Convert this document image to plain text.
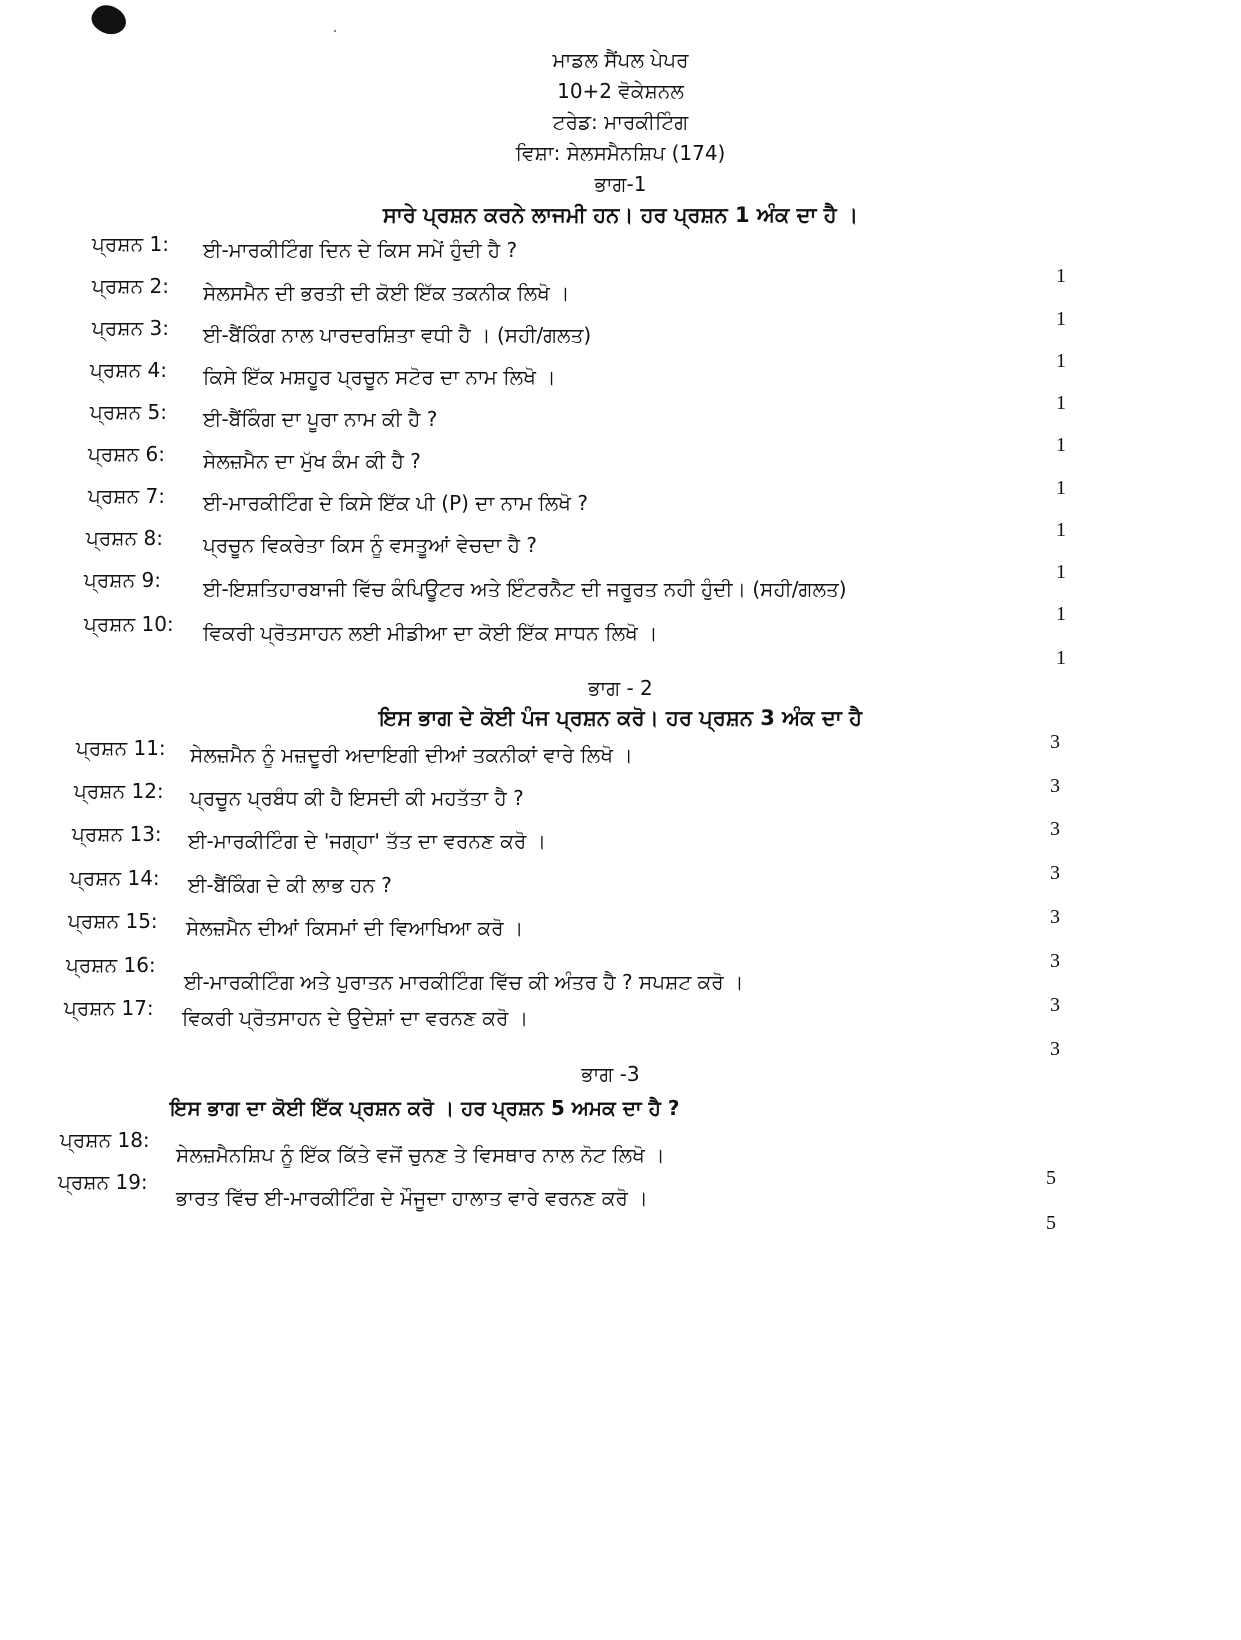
ਮਾਡਲ ਸੈਂਪਲ ਪੇਪਰ
10+2 ਵੋਕੇਸ਼ਨਲ
ਟਰੇਡ: ਮਾਰਕੀਟਿੰਗ
ਵਿਸ਼ਾ: ਸੇਲਸਮੈਨਸ਼ਿਪ (174)
ਭਾਗ-1
ਸਾਰੇ ਪ੍ਰਸ਼ਨ ਕਰਨੇ ਲਾਜਮੀ ਹਨ। ਹਰ ਪ੍ਰਸ਼ਨ 1 ਅੰਕ ਦਾ ਹੈ ।
ਪ੍ਰਸ਼ਨ 1: ਈ-ਮਾਰਕੀਟਿੰਗ ਦਿਨ ਦੇ ਕਿਸ ਸਮੇਂ ਹੁੰਦੀ ਹੈ ?
ਪ੍ਰਸ਼ਨ 2: ਸੇਲਸਮੈਨ ਦੀ ਭਰਤੀ ਦੀ ਕੋਈ ਇੱਕ ਤਕਨੀਕ ਲਿਖੋ ।
ਪ੍ਰਸ਼ਨ 3: ਈ-ਬੈਂਕਿੰਗ ਨਾਲ ਪਾਰਦਰਸ਼ਿਤਾ ਵਧੀ ਹੈ । (ਸਹੀ/ਗਲਤ)
ਪ੍ਰਸ਼ਨ 4: ਕਿਸੇ ਇੱਕ ਮਸ਼ਹੂਰ ਪ੍ਰਚੂਨ ਸਟੋਰ ਦਾ ਨਾਮ ਲਿਖੋ ।
ਪ੍ਰਸ਼ਨ 5: ਈ-ਬੈਂਕਿੰਗ ਦਾ ਪੂਰਾ ਨਾਮ ਕੀ ਹੈ ?
ਪ੍ਰਸ਼ਨ 6: ਸੇਲਜ਼ਮੈਨ ਦਾ ਮੁੱਖ ਕੰਮ ਕੀ ਹੈ ?
ਪ੍ਰਸ਼ਨ 7: ਈ-ਮਾਰਕੀਟਿੰਗ ਦੇ ਕਿਸੇ ਇੱਕ ਪੀ (P) ਦਾ ਨਾਮ ਲਿਖੋ ?
ਪ੍ਰਸ਼ਨ 8: ਪ੍ਰਚੂਨ ਵਿਕਰੇਤਾ ਕਿਸ ਨੂੰ ਵਸਤੂਆਂ ਵੇਚਦਾ ਹੈ ?
ਪ੍ਰਸ਼ਨ 9: ਈ-ਇਸ਼ਤਿਹਾਰਬਾਜੀ ਵਿੱਚ ਕੰਪਿਊਟਰ ਅਤੇ ਇੰਟਰਨੈਟ ਦੀ ਜਰੂਰਤ ਨਹੀ ਹੁੰਦੀ। (ਸਹੀ/ਗਲਤ)
ਪ੍ਰਸ਼ਨ 10: ਵਿਕਰੀ ਪ੍ਰੋਤਸਾਹਨ ਲਈ ਮੀਡੀਆ ਦਾ ਕੋਈ ਇੱਕ ਸਾਧਨ ਲਿਖੋ ।
1
1
1
1
1
1
1
1
1
1
ਭਾਗ - 2
ਇਸ ਭਾਗ ਦੇ ਕੋਈ ਪੰਜ ਪ੍ਰਸ਼ਨ ਕਰੋ। ਹਰ ਪ੍ਰਸ਼ਨ 3 ਅੰਕ ਦਾ ਹੈ
ਪ੍ਰਸ਼ਨ 11: ਸੇਲਜ਼ਮੈਨ ਨੂੰ ਮਜ਼ਦੂਰੀ ਅਦਾਇਗੀ ਦੀਆਂ ਤਕਨੀਕਾਂ ਵਾਰੇ ਲਿਖੋ ।
ਪ੍ਰਸ਼ਨ 12: ਪ੍ਰਚੂਨ ਪ੍ਰਬੰਧ ਕੀ ਹੈ ਇਸਦੀ ਕੀ ਮਹਤੱਤਾ ਹੈ ?
ਪ੍ਰਸ਼ਨ 13: ਈ-ਮਾਰਕੀਟਿੰਗ ਦੇ 'ਜਗ੍ਹਾ' ਤੱਤ ਦਾ ਵਰਨਣ ਕਰੋ ।
ਪ੍ਰਸ਼ਨ 14: ਈ-ਬੈਂਕਿੰਗ ਦੇ ਕੀ ਲਾਭ ਹਨ ?
ਪ੍ਰਸ਼ਨ 15: ਸੇਲਜ਼ਮੈਨ ਦੀਆਂ ਕਿਸਮਾਂ ਦੀ ਵਿਆਖਿਆ ਕਰੋ ।
ਪ੍ਰਸ਼ਨ 16:
ਈ-ਮਾਰਕੀਟਿੰਗ ਅਤੇ ਪੁਰਾਤਨ ਮਾਰਕੀਟਿੰਗ ਵਿੱਚ ਕੀ ਅੰਤਰ ਹੈ ? ਸਪਸ਼ਟ ਕਰੋ ।
ਪ੍ਰਸ਼ਨ 17: ਵਿਕਰੀ ਪ੍ਰੋਤਸਾਹਨ ਦੇ ਉਦੇਸ਼ਾਂ ਦਾ ਵਰਨਣ ਕਰੋ ।
3
3
3
3
3
3
3
3
ਭਾਗ -3
ਇਸ ਭਾਗ ਦਾ ਕੋਈ ਇੱਕ ਪ੍ਰਸ਼ਨ ਕਰੋ । ਹਰ ਪ੍ਰਸ਼ਨ 5 ਅਮਕ ਦਾ ਹੈ ?
ਪ੍ਰਸ਼ਨ 18:
ਸੇਲਜ਼ਮੈਨਸ਼ਿਪ ਨੂੰ ਇੱਕ ਕਿੱਤੇ ਵਜੋਂ ਚੁਨਣ ਤੇ ਵਿਸਥਾਰ ਨਾਲ ਨੋਟ ਲਿਖੋ ।
ਪ੍ਰਸ਼ਨ 19:
ਭਾਰਤ ਵਿੱਚ ਈ-ਮਾਰਕੀਟਿੰਗ ਦੇ ਮੌਜੂਦਾ ਹਾਲਾਤ ਵਾਰੇ ਵਰਨਣ ਕਰੋ ।
5
5
